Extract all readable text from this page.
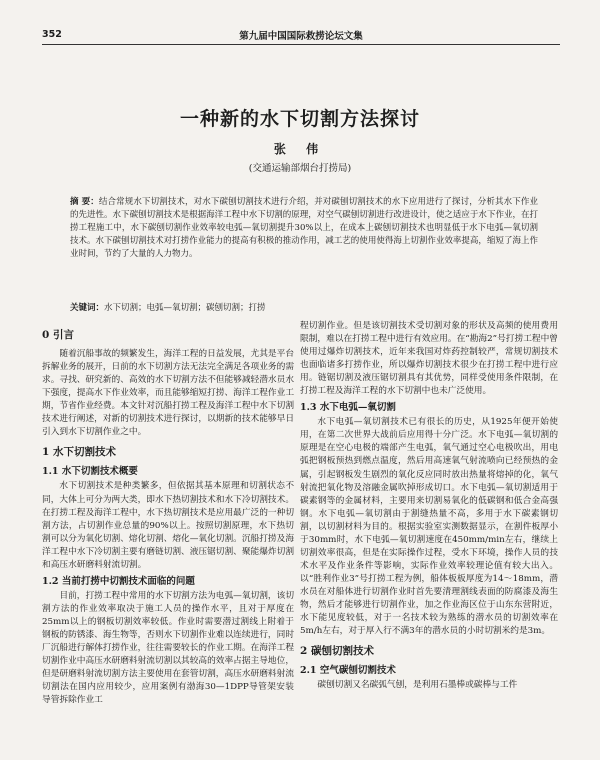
352	第九届中国国际救捞论坛文集
一种新的水下切割方法探讨
张 伟
(交通运输部烟台打捞局)
摘 要：结合常规水下切割技术，对水下碳刨切割技术进行介绍，并对碳刨切割技术的水下应用进行了探讨，分析其水下作业的先进性。水下碳刨切割技术是根据海洋工程中水下切割的原理，对空气碳刨切割进行改进设计，使之适应于水下作业，在打捞工程施工中，水下碳刨切割作业效率较电弧—氧切割提升30%以上，在成本上碳刨切割技术也明显低于水下电弧—氧切割技术。水下碳刨切割技术对打捞作业能力的提高有积极的推动作用，减工艺的使用使得海上切割作业效率提高，缩短了海上作业时间，节约了大量的人力物力。
关键词：水下切割；电弧—氧切割；碳刨切割；打捞
0 引言

随着沉船事故的频繁发生，海洋工程的日益发展，尤其是平台拆解业务的展开，日前的水下切割方法无法完全满足各项业务的需求。寻找、研究新的、高效的水下切割方法不但能够减轻潜水员水下强度，提高水下作业效率，而且能够缩短打捞、海洋工程作业工期，节省作业经费。本文针对沉船打捞工程及海洋工程中水下切割技术进行阐述，对新的切割技术进行探讨，以期新的技术能够早日引入到水下切割作业之中。

1 水下切割技术
1.1 水下切割技术概要

水下切割技术是种类繁多，但依据其基本原理和切割状态不同，大体上可分为两大类，即水下热切割技术和水下冷切割技术。在打捞工程及海洋工程中，水下热切割技术是应用最广泛的一种切割方法，占切割作业总量的90%以上。按照切割原理，水下热切割可以分为氧化切割、熔化切割、熔化—氧化切割。沉船打捞及海洋工程中水下冷切割主要有磨链切割、液压锯切割、聚能爆炸切割和高压水研磨料射流切割。

1.2 当前打捞中切割技术面临的问题

目前，打捞工程中常用的水下切割方法为电弧—氧切割，该切割方法的作业效率取决于施工人员的操作水平，且对于厚度在25mm以上的钢板切割效率较低。作业时需要潜过割线上附着于钢板的防锈漆、海生物等，否则水下切割作业难以连续进行，同时厂沉船进行解体打捞作业，往往需要较长的作业工期。在海洋工程切割作业中高压水研磨料射流切割以其较高的效率占据主导地位，但是研磨料射流切割方法主要使用在套管切割，高压水研磨料射流切割法在国内应用较少，应用案例有渤海30—1DPP导管架安装导管拆除作业工

程切割作业。但是该切割技术受切割对象的形状及高频的使用费用限制，难以在打捞工程中进行有效应用。在“勘海2”号打捞工程中曾使用过爆炸切割技术，近年来我国对炸药控制较严，常规切割技术也面临诸多打捞作业，所以爆炸切割技术很少在打捞工程中进行应用。链锯切割及液压锯切割具有其优势，同样受使用条件限制，在打捞工程及海洋工程的水下切割中也未广泛使用。

1.3 水下电弧—氧切割

水下电弧—氧切割技术已有很长的历史，从1925年便开始使用，在第二次世界大战前后应用得十分广泛。水下电弧—氧切割的原理是在空心电极的端部产生电弧，氧气通过空心电极吹出，用电弧把钢板预热到燃点温度，然后用高速氧气射流喷向已经预热的金属，引起钢板发生剧烈的氧化反应同时放出热量将熔掉的化，氧气射流把氧化物及溶融金属吹掉形成切口。水下电弧—氧切割适用于碳素钢等的金属材料，主要用来切割易氧化的低碳钢和低合金高强钢。水下电弧—氧切割由于割缝热量不高，多用于水下碳素钢切割，以切割材料为目的。根据实验室实测数据显示，在割件板厚小于30mm时，水下电弧—氧切割速度在450mm/min左右，继续上切割效率很高，但是在实际操作过程，受水下环境，操作人员的技术水平及作业条件等影响，实际作业效率较理论值有较大出入。以“胜利作业3”号打捞工程为例，船体板板厚度为14～18mm，潜水员在对船体进行切割作业时首先要清理割线表面的防腐漆及海生物，然后才能够进行切割作业，加之作业海区位于山东东营附近，水下能见度较低，对于一名技术较为熟练的潜水员的切割效率在5m/h左右，对于厚入行不满3年的潜水员的小时切割米约是3m。

2 碳刨切割技术
2.1 空气碳刨切割技术

碳刨切割又名碳弧气刨，是利用石墨棒或碳棒与工件
